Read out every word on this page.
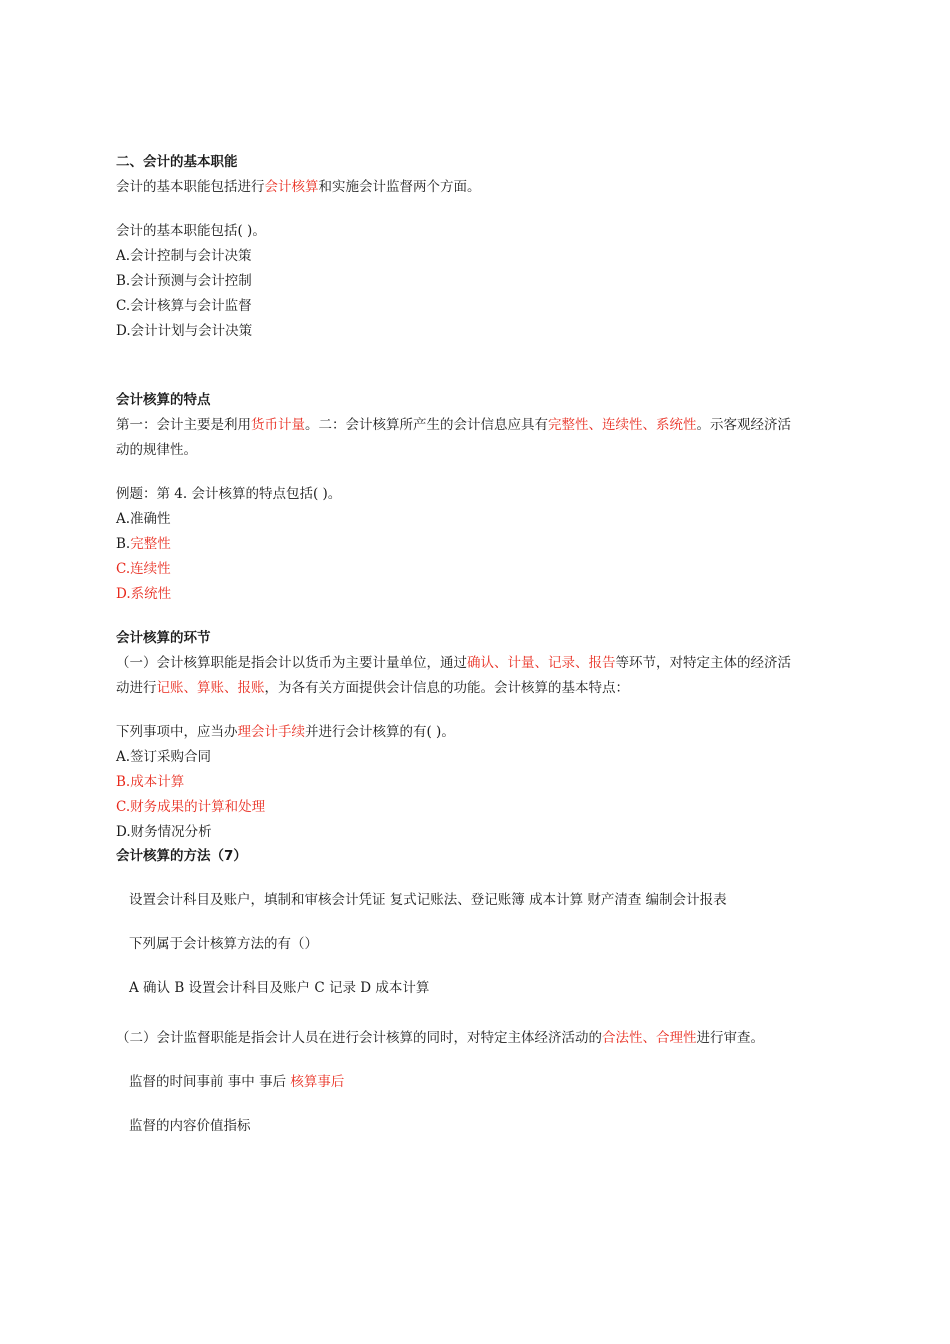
二、会计的基本职能
会计的基本职能包括进行会计核算和实施会计监督两个方面。
会计的基本职能包括( )。
A.会计控制与会计决策
B.会计预测与会计控制
C.会计核算与会计监督
D.会计计划与会计决策
会计核算的特点
第一：会计主要是利用货币计量。二：会计核算所产生的会计信息应具有完整性、连续性、系统性。示客观经济活
动的规律性。
例题：第 4. 会计核算的特点包括( )。
A.准确性
B.完整性
C.连续性
D.系统性
会计核算的环节
（一）会计核算职能是指会计以货币为主要计量单位，通过确认、计量、记录、报告等环节，对特定主体的经济活
动进行记账、算账、报账，为各有关方面提供会计信息的功能。会计核算的基本特点：
下列事项中，应当办理会计手续并进行会计核算的有( )。
A.签订采购合同
B.成本计算
C.财务成果的计算和处理
D.财务情况分析
会计核算的方法（7）
设置会计科目及账户，填制和审核会计凭证 复式记账法、登记账簿 成本计算 财产清查 编制会计报表
下列属于会计核算方法的有（）
A 确认 B 设置会计科目及账户 C 记录 D 成本计算
（二）会计监督职能是指会计人员在进行会计核算的同时，对特定主体经济活动的合法性、合理性进行审查。
监督的时间事前 事中 事后 核算事后
监督的内容价值指标
